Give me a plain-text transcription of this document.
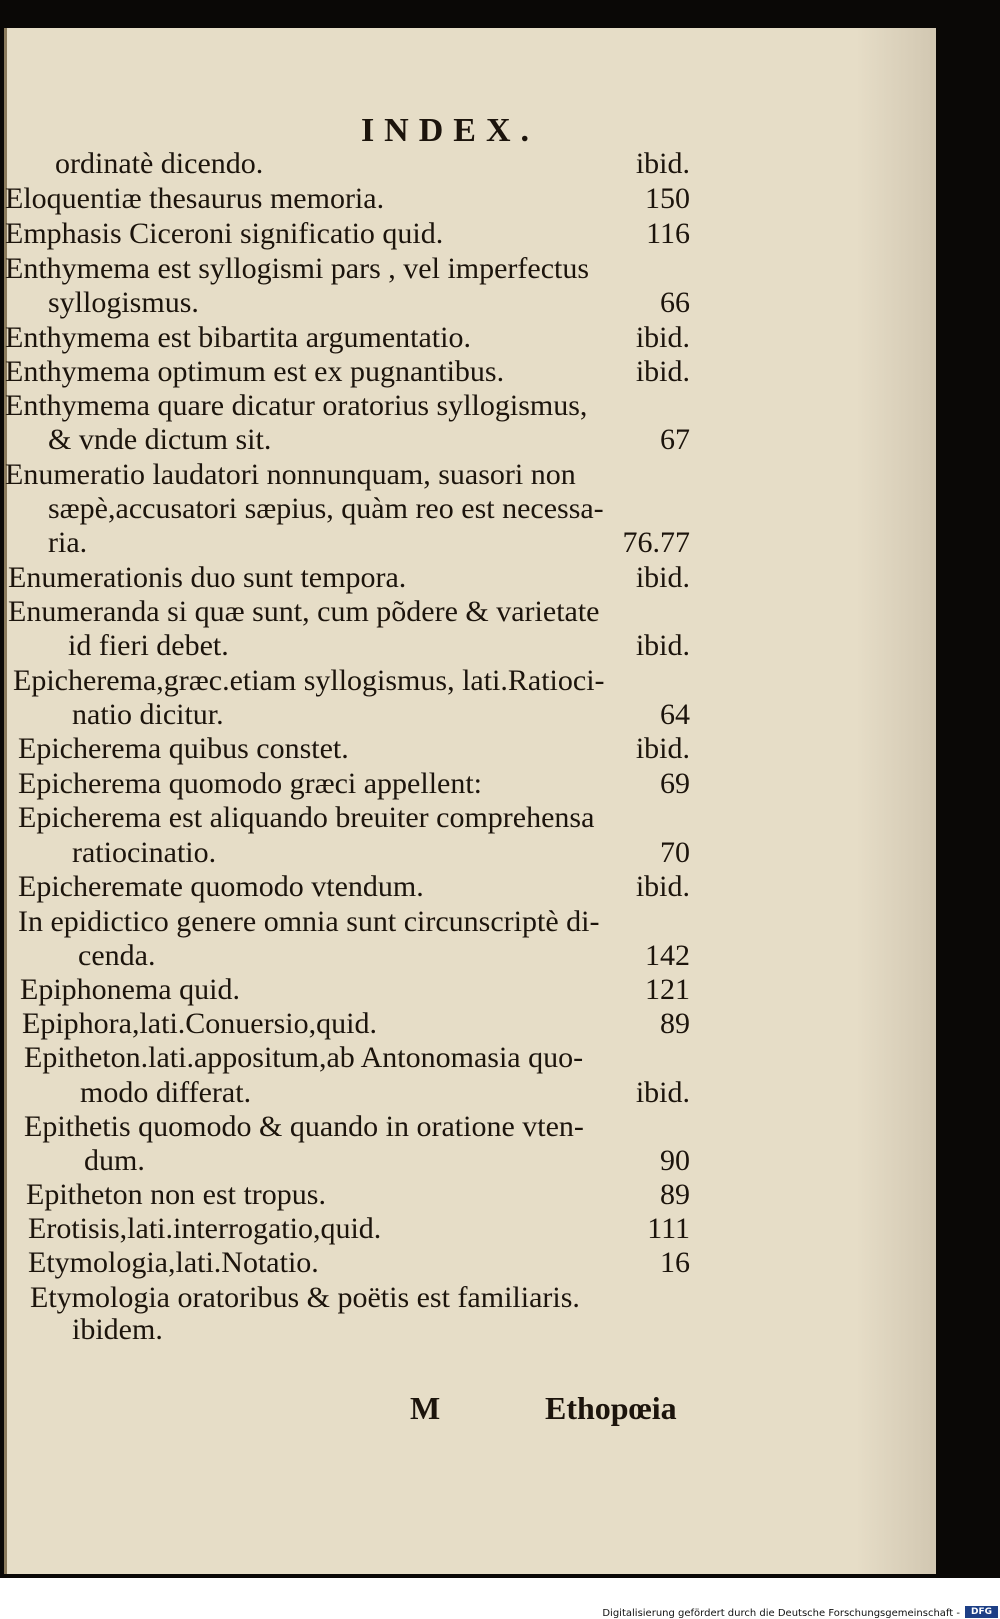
INDEX.
ordinatè dicendo.	ibid.
Eloquentiæ thesaurus memoria.	150
Emphasis Ciceroni significatio quid.	116
Enthymema est syllogismi pars , vel imperfectus
syllogismus.	66
Enthymema est bibartita argumentatio.	ibid.
Enthymema optimum est ex pugnantibus.	ibid.
Enthymema quare dicatur oratorius syllogismus,
& vnde dictum sit.	67
Enumeratio laudatori nonnunquam, suasori non
sæpè,accusatori sæpius, quàm reo est necessa-
ria.	76.77
Enumerationis duo sunt tempora.	ibid.
Enumeranda si quæ sunt, cum põdere & varietate
id fieri debet.	ibid.
Epicherema,græc.etiam syllogismus, lati.Ratioci-
natio dicitur.	64
Epicherema quibus constet.	ibid.
Epicherema quomodo græci appellent:	69
Epicherema est aliquando breuiter comprehensa
ratiocinatio.	70
Epicheremate quomodo vtendum.	ibid.
In epidictico genere omnia sunt circunscriptè di-
cenda.	142
Epiphonema quid.	121
Epiphora,lati.Conuersio,quid.	89
Epitheton.lati.appositum,ab Antonomasia quo-
modo differat.	ibid.
Epithetis quomodo & quando in oratione vten-
dum.	90
Epitheton non est tropus.	89
Erotisis,lati.interrogatio,quid.	111
Etymologia,lati.Notatio.	16
Etymologia oratoribus & poëtis est familiaris.
ibidem.
M	Ethopœia
Digitalisierung gefördert durch die Deutsche Forschungsgemeinschaft -	DFG
